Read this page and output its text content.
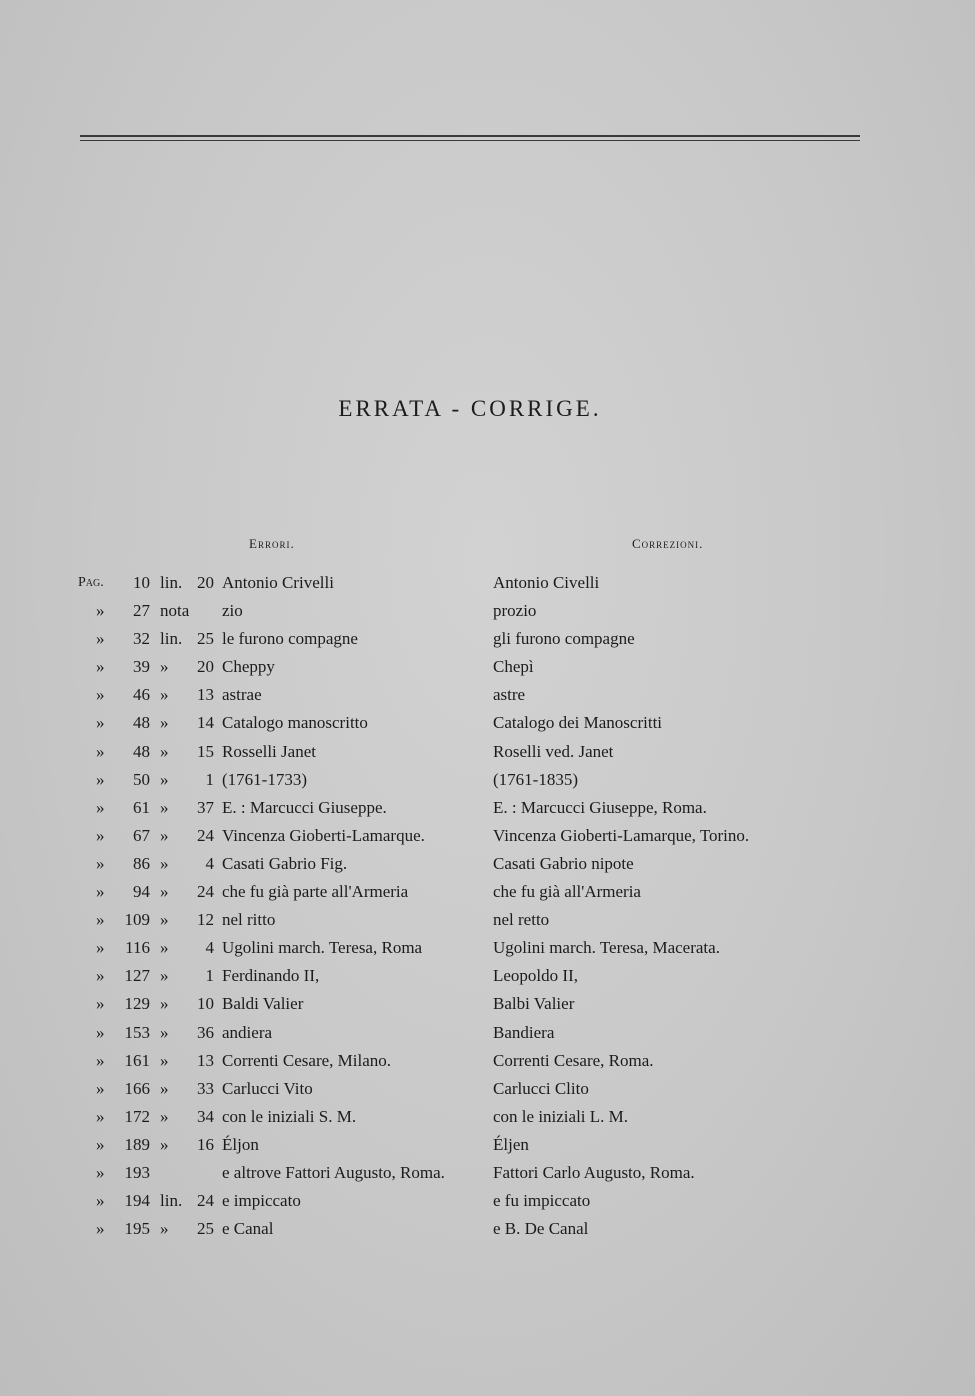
ERRATA - CORRIGE.
Errori.	Correzioni.
Pag.	10 lin. 20 Antonio Crivelli	Antonio Civelli
»	27 nota zio	prozio
»	32 lin. 25 le furono compagne	gli furono compagne
»	39 » 20 Cheppy	Chepì
»	46 » 13 astrae	astre
»	48 » 14 Catalogo manoscritto	Catalogo dei Manoscritti
»	48 » 15 Rosselli Janet	Roselli ved. Janet
»	50 » 1 (1761-1733)	(1761-1835)
»	61 » 37 E. : Marcucci Giuseppe.	E. : Marcucci Giuseppe, Roma.
»	67 » 24 Vincenza Gioberti-Lamarque.	Vincenza Gioberti-Lamarque, Torino.
»	86 » 4 Casati Gabrio Fig.	Casati Gabrio nipote
»	94 » 24 che fu già parte all'Armeria	che fu già all'Armeria
»	109 » 12 nel ritto	nel retto
»	116 » 4 Ugolini march. Teresa, Roma	Ugolini march. Teresa, Macerata.
»	127 » 1 Ferdinando II,	Leopoldo II,
»	129 » 10 Baldi Valier	Balbi Valier
»	153 » 36 andiera	Bandiera
»	161 » 13 Correnti Cesare, Milano.	Correnti Cesare, Roma.
»	166 » 33 Carlucci Vito	Carlucci Clito
»	172 » 34 con le iniziali S. M.	con le iniziali L. M.
»	189 » 16 Éljon	Éljen
»	193	e altrove Fattori Augusto, Roma.	Fattori Carlo Augusto, Roma.
»	194 lin. 24 e impiccato	e fu impiccato
»	195 » 25 e Canal	e B. De Canal
